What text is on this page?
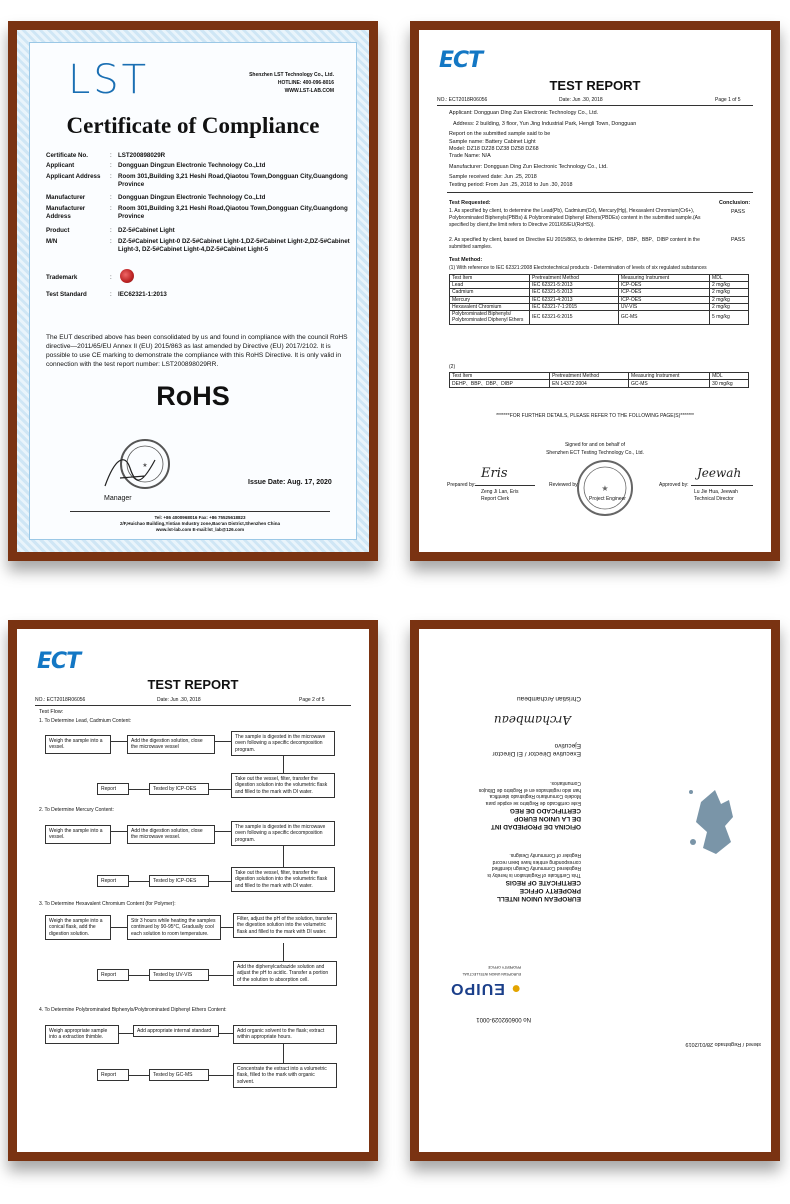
LST	Shenzhen LST Technology Co., Ltd.
HOTLINE: 400-096-8016
WWW.LST-LAB.COM
Certificate of Compliance
Certificate No.	:	LST200898029R
Applicant	:	Dongguan Dingzun Electronic Technology Co.,Ltd
Applicant Address	:	Room 301,Building 3,21 Heshi Road,Qiaotou Town,Dongguan City,Guangdong Province
Manufacturer	:	Dongguan Dingzun Electronic Technology Co.,Ltd
Manufacturer Address
:	Room 301,Building 3,21 Heshi Road,Qiaotou Town,Dongguan City,Guangdong Province
Product	:	DZ-5#Cabinet Light
M/N	:	DZ-5#Cabinet Light-0 DZ-5#Cabinet Light-1,DZ-5#Cabinet Light-2,DZ-5#Cabinet Light-3, DZ-5#Cabinet Light-4,DZ-5#Cabinet Light-5
Trademark	:
Test Standard	:	IEC62321-1:2013
The EUT described above has been consolidated by us and found in compliance with the council RoHS directive—2011/65/EU Annex II (EU) 2015/863 as last amended by Directive (EU) 2017/2102. It is possible to use CE marking to demonstrate the compliance with this RoHS Directive. It is only valid in connection with the test report number: LST200898029RR.
RoHS
★
Manager
Issue Date: Aug. 17, 2020
Tel: +86 4000968016 Fax: +86 75525618823
2/F,Huichao Building,Yintian Industry zone,Bao'an District,Shenzhen China
www.lst-lab.com E-mail:lst_lab@126.com
ECT
TEST REPORT
NO.: ECT2018R06056	Date: Jun .30, 2018	Page 1 of 5
Applicant: Dongguan Ding Zun Electronic Technology Co., Ltd.
Address: 2 building, 3 floor, Yun Jing Industrial Park, Hengli Town, Dongguan
Report on the submitted sample said to be
Sample name: Battery Cabinet Light
Model: DZ18 DZ28 DZ38 DZ58 DZ68
Trade Name: N/A
Manufacturer: Dongguan Ding Zun Electronic Technology Co., Ltd.
Sample received date: Jun .25, 2018
Testing period: From Jun .25, 2018 to Jun .30, 2018
Test Requested:	Conclusion:
1. As specified by client, to determine the Lead(Pb), Cadmium(Cd), Mercury(Hg), Hexavalent Chromium(Cr6+), Polybrominated Biphenyls(PBBs) & Polybrominated Diphenyl Ethers(PBDEs) content in the submitted sample.(As specified by client,the limit refers to Directive 2011/65/EU(RoHS)).
PASS
2. As specified by client, based on Directive EU 2015/863, to determine DEHP、DBP、BBP、DIBP content in the submitted samples.
PASS
Test Method:
(1) With reference to IEC 62321:2008 Electrotechnical products - Determination of levels of six regulated substances
Test Item	Pretreatment Method	Measuring Instrument	MDL
Lead	IEC 62321-5:2013	ICP-OES	2 mg/kg
Cadmium	IEC 62321-5:2013	ICP-OES	2 mg/kg
Mercury	IEC 62321-4:2013	ICP-OES	2 mg/kg
Hexavalent Chromium	IEC 62321-7-1:2015	UV-VIS	2 mg/kg
Polybrominated Biphenyls/ Polybrominated Diphenyl Ethers	IEC 62321-6:2015	GC-MS	5 mg/kg
(2)
Test Item	Pretreatment Method	Measuring Instrument	MDL
DEHP、BBP、DBP、DIBP	EN 14372:2004	GC-MS	30 mg/kg
*******FOR FURTHER DETAILS, PLEASE REFER TO THE FOLLOWING PAGE(S)*******
Signed for and on behalf of
Shenzhen ECT Testing Technology Co., Ltd.
Prepared by:
Eris
Zeng Ji Lan, Eris
Report Clerk
Reviewed by:	★
Project Engineer
Approved by:
Jeewah
Lu Jie Hua, Jeewah
Technical Director
ECT
TEST REPORT
NO.: ECT2018R06056	Date: Jun .30, 2018	Page 2 of 5
Test Flow:
1. To Determine Lead, Cadmium Content:
Weigh the sample into a vessel.
Add the digestion solution, close the microwave vessel
The sample is digested in the microwave oven following a specific decomposition program.
Take out the vessel, filter, transfer the digestion solution into the volumetric flask and filled to the mark with DI water.
Tested by ICP-OES
Report
2. To Determine Mercury Content:
Weigh the sample into a vessel.
Add the digestion solution, close the microwave vessel.
The sample is digested in the microwave oven following a specific decomposition program.
Take out the vessel, filter, transfer the digestion solution into the volumetric flask and filled to the mark with DI water.
Tested by ICP-OES
Report
3. To Determine Hexavalent Chromium Content (for Polymer):
Weigh the sample into a conical flask, add the digestion solution.
Stir 3 hours while heating the samples continued by 90-95°C, Gradually cool each solution to room temperature.
Filter, adjust the pH of the solution, transfer the digestion solution into the volumetric flask and filled to the mark with DI water.
Add the diphenylcarbazide solution and adjust the pH to acidic. Transfer a portion of the solution to absorption cell.
Tested by UV-VIS
Report
4. To Determine Polybrominated Biphenyls/Polybrominated Diphenyl Ethers Content:
Weigh appropriate sample into a extraction thimble.
Add appropriate internal standard	Add organic solvent to the flask; extract within appropriate hours.
Concentrate the extract into a volumetric flask, filled to the mark with organic solvent.
Tested by GC-MS
Report
stered / Registrado 28/01/2019
No 006092029-0001
● EUIPO
EUROPEAN UNION INTELLECTUAL PROPERTY OFFICE
EUROPEAN UNION INTELL
PROPERTY OFFICE
CERTIFICATE OF REGIS
This Certificate of Registration is hereby is
Registered Community Design identified
corresponding entries have been record
Register of Community Designs.
OFICINA DE PROPIEDAD INT
DE LA UNION EUROP
CERTIFICADO DE REG
Este certificado de Registro se expide para
Modelo Comunitario Registrado identifica
han sido registrados en el Registro de Dibujos
Comunitarios.
Executive Director / El Director
Ejecutivo
Archambeau
Christian Archambeau
